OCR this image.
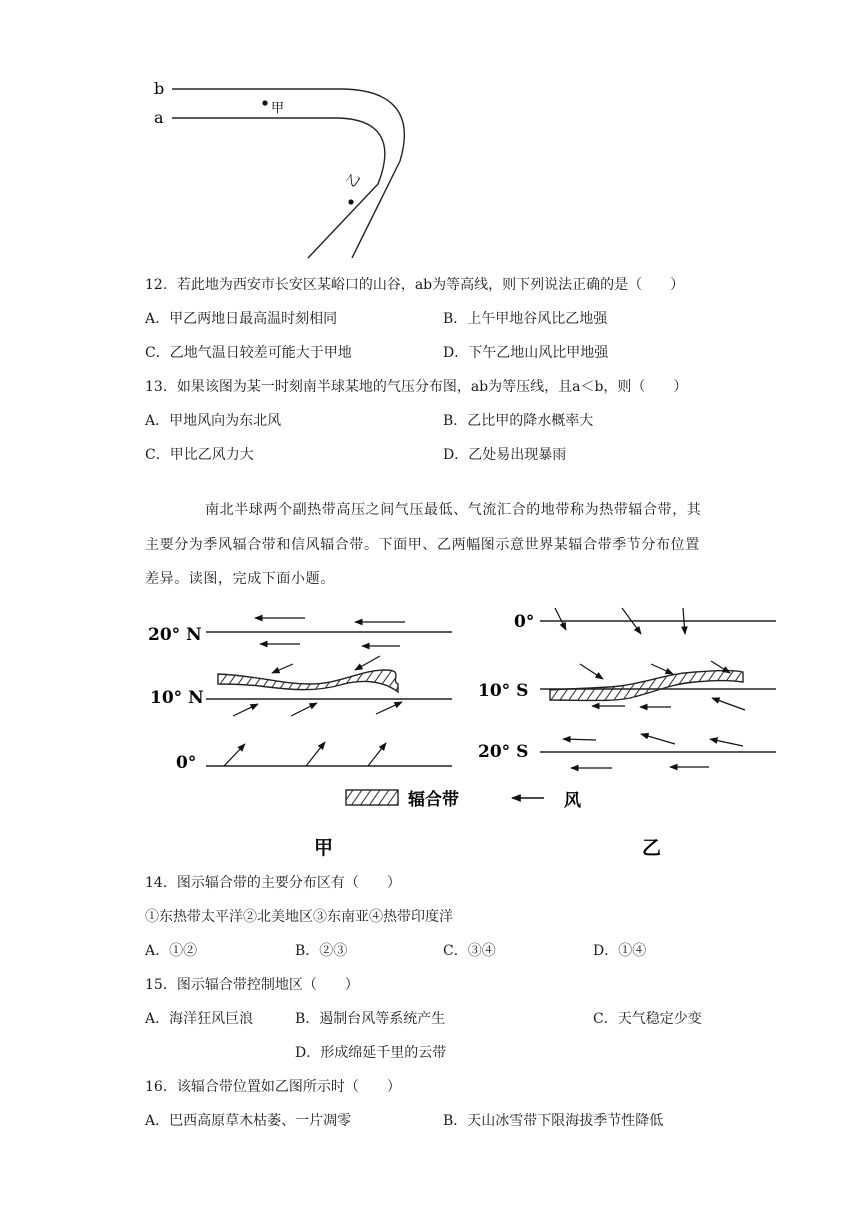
b
a	甲
乙
12．若此地为西安市长安区某峪口的山谷，ab为等高线，则下列说法正确的是（　　）
A．甲乙两地日最高温时刻相同	B．上午甲地谷风比乙地强
C．乙地气温日较差可能大于甲地	D．下午乙地山风比甲地强
13．如果该图为某一时刻南半球某地的气压分布图，ab为等压线，且a＜b，则（　　）
A．甲地风向为东北风	B．乙比甲的降水概率大
C．甲比乙风力大	D．乙处易出现暴雨
南北半球两个副热带高压之间气压最低、气流汇合的地带称为热带辐合带，其
主要分为季风辐合带和信风辐合带。下面甲、乙两幅图示意世界某辐合带季节分布位置
差异。读图，完成下面小题。
20° N
10° N
0°
0°
10° S
20° S
辐合带	风
甲	乙
14．图示辐合带的主要分布区有（　　）
①东热带太平洋②北美地区③东南亚④热带印度洋
A．①②	B．②③	C．③④	D．①④
15．图示辐合带控制地区（　　）
A．海洋狂风巨浪	B．遏制台风等系统产生	C．天气稳定少变
D．形成绵延千里的云带
16．该辐合带位置如乙图所示时（　　）
A．巴西高原草木枯萎、一片凋零	B．天山冰雪带下限海拔季节性降低
